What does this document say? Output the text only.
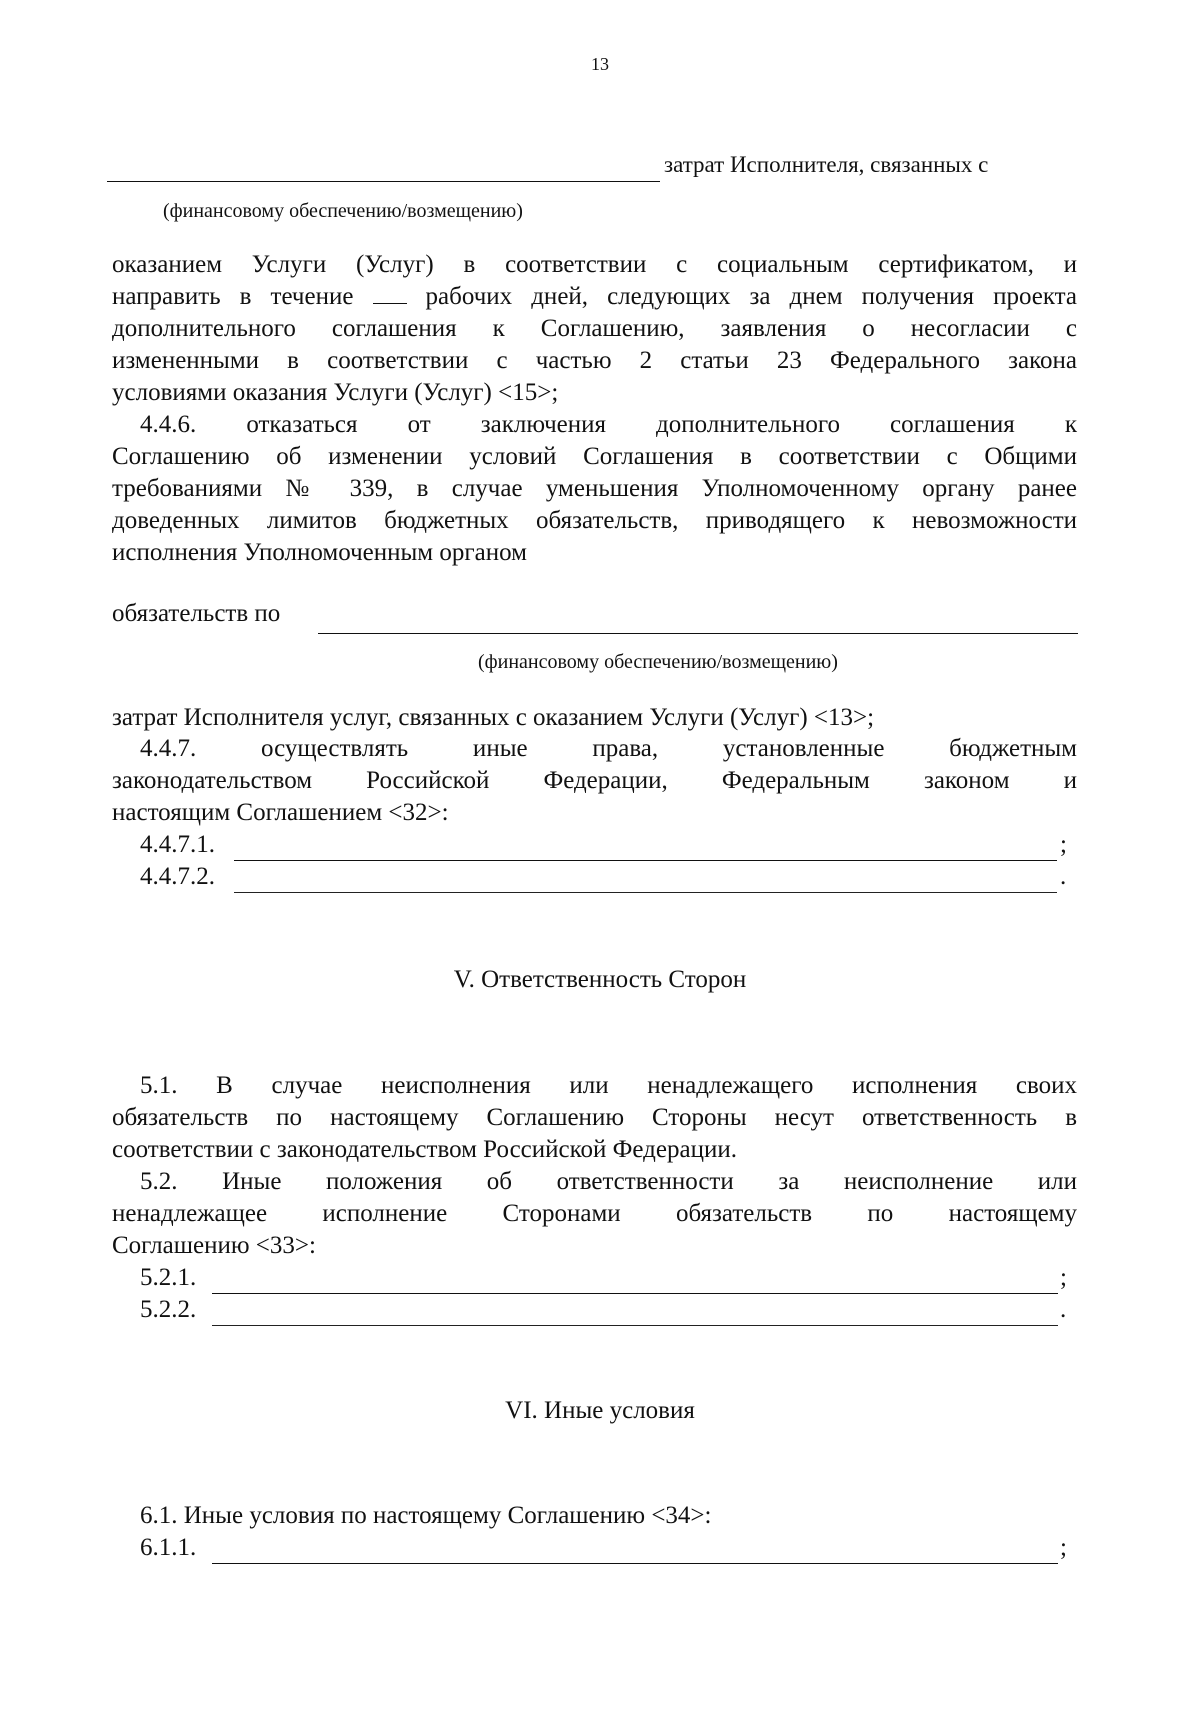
13
затрат Исполнителя, связанных с
(финансовому обеспечению/возмещению)
оказанием Услуги (Услуг) в соответствии с социальным сертификатом, и
направить в течение	рабочих дней, следующих за днем получения проекта
дополнительного соглашения к Соглашению, заявления о несогласии с
измененными в соответствии с частью 2 статьи 23 Федерального закона
условиями оказания Услуги (Услуг) <15>;
4.4.6. отказаться от заключения дополнительного соглашения к
Соглашению об изменении условий Соглашения в соответствии с Общими
требованиями № 339, в случае уменьшения Уполномоченному органу ранее
доведенных лимитов бюджетных обязательств, приводящего к невозможности
исполнения Уполномоченным органом
обязательств по
(финансовому обеспечению/возмещению)
затрат Исполнителя услуг, связанных с оказанием Услуги (Услуг) <13>;
4.4.7. осуществлять иные права, установленные бюджетным
законодательством Российской Федерации, Федеральным законом и
настоящим Соглашением <32>:
4.4.7.1.	;
4.4.7.2.	.
V. Ответственность Сторон
5.1. В случае неисполнения или ненадлежащего исполнения своих
обязательств по настоящему Соглашению Стороны несут ответственность в
соответствии с законодательством Российской Федерации.
5.2. Иные положения об ответственности за неисполнение или
ненадлежащее исполнение Сторонами обязательств по настоящему
Соглашению <33>:
5.2.1.	;
5.2.2.	.
VI. Иные условия
6.1. Иные условия по настоящему Соглашению <34>:
6.1.1.	;
